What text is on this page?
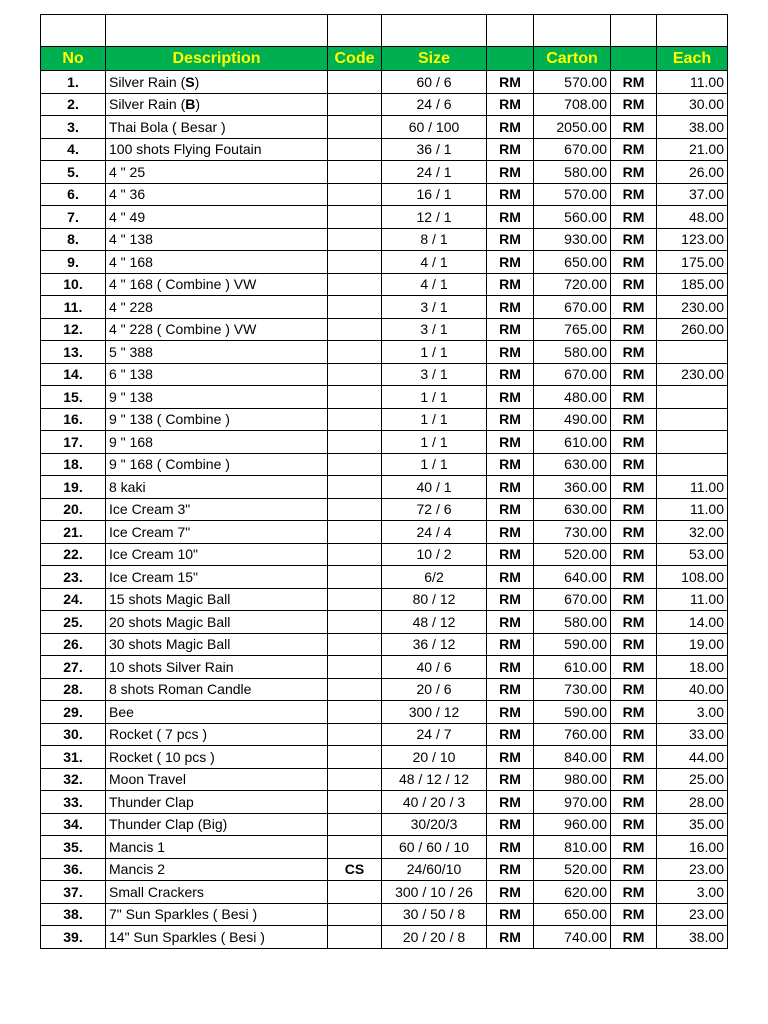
No	Description	Code	Size		Carton		Each
1.	Silver Rain (S)		60 / 6	RM	570.00	RM	11.00
2.	Silver Rain (B)		24 / 6	RM	708.00	RM	30.00
3.	Thai Bola ( Besar )		60 / 100	RM	2050.00	RM	38.00
4.	100 shots Flying Foutain		36 / 1	RM	670.00	RM	21.00
5.	4 " 25		24 / 1	RM	580.00	RM	26.00
6.	4 " 36		16 / 1	RM	570.00	RM	37.00
7.	4 " 49		12 / 1	RM	560.00	RM	48.00
8.	4 " 138		8 / 1	RM	930.00	RM	123.00
9.	4 " 168		4 / 1	RM	650.00	RM	175.00
10.	4 " 168 ( Combine ) VW		4 / 1	RM	720.00	RM	185.00
11.	4 " 228		3 / 1	RM	670.00	RM	230.00
12.	4 " 228 ( Combine ) VW		3 / 1	RM	765.00	RM	260.00
13.	5 " 388		1 / 1	RM	580.00	RM	
14.	6 " 138		3 / 1	RM	670.00	RM	230.00
15.	9 " 138		1 / 1	RM	480.00	RM	
16.	9 " 138 ( Combine )		1 / 1	RM	490.00	RM	
17.	9 " 168		1 / 1	RM	610.00	RM	
18.	9 " 168 ( Combine )		1 / 1	RM	630.00	RM	
19.	8 kaki		40 / 1	RM	360.00	RM	11.00
20.	Ice Cream 3"		72 / 6	RM	630.00	RM	11.00
21.	Ice Cream 7"		24 / 4	RM	730.00	RM	32.00
22.	Ice Cream 10"		10 / 2	RM	520.00	RM	53.00
23.	Ice Cream 15"		6/2	RM	640.00	RM	108.00
24.	15 shots Magic Ball		80 / 12	RM	670.00	RM	11.00
25.	20 shots Magic Ball		48 / 12	RM	580.00	RM	14.00
26.	30 shots Magic Ball		36 / 12	RM	590.00	RM	19.00
27.	10 shots Silver Rain		40 / 6	RM	610.00	RM	18.00
28.	8 shots Roman Candle		20 / 6	RM	730.00	RM	40.00
29.	Bee		300 / 12	RM	590.00	RM	3.00
30.	Rocket ( 7 pcs )		24 / 7	RM	760.00	RM	33.00
31.	Rocket ( 10 pcs )		20 / 10	RM	840.00	RM	44.00
32.	Moon Travel		48 / 12 / 12	RM	980.00	RM	25.00
33.	Thunder Clap		40 / 20 / 3	RM	970.00	RM	28.00
34.	Thunder Clap (Big)		30/20/3	RM	960.00	RM	35.00
35.	Mancis 1		60 / 60 / 10	RM	810.00	RM	16.00
36.	Mancis 2	CS	24/60/10	RM	520.00	RM	23.00
37.	Small Crackers		300 / 10 / 26	RM	620.00	RM	3.00
38.	7" Sun Sparkles ( Besi )		30 / 50 / 8	RM	650.00	RM	23.00
39.	14" Sun Sparkles ( Besi )		20 / 20 / 8	RM	740.00	RM	38.00
